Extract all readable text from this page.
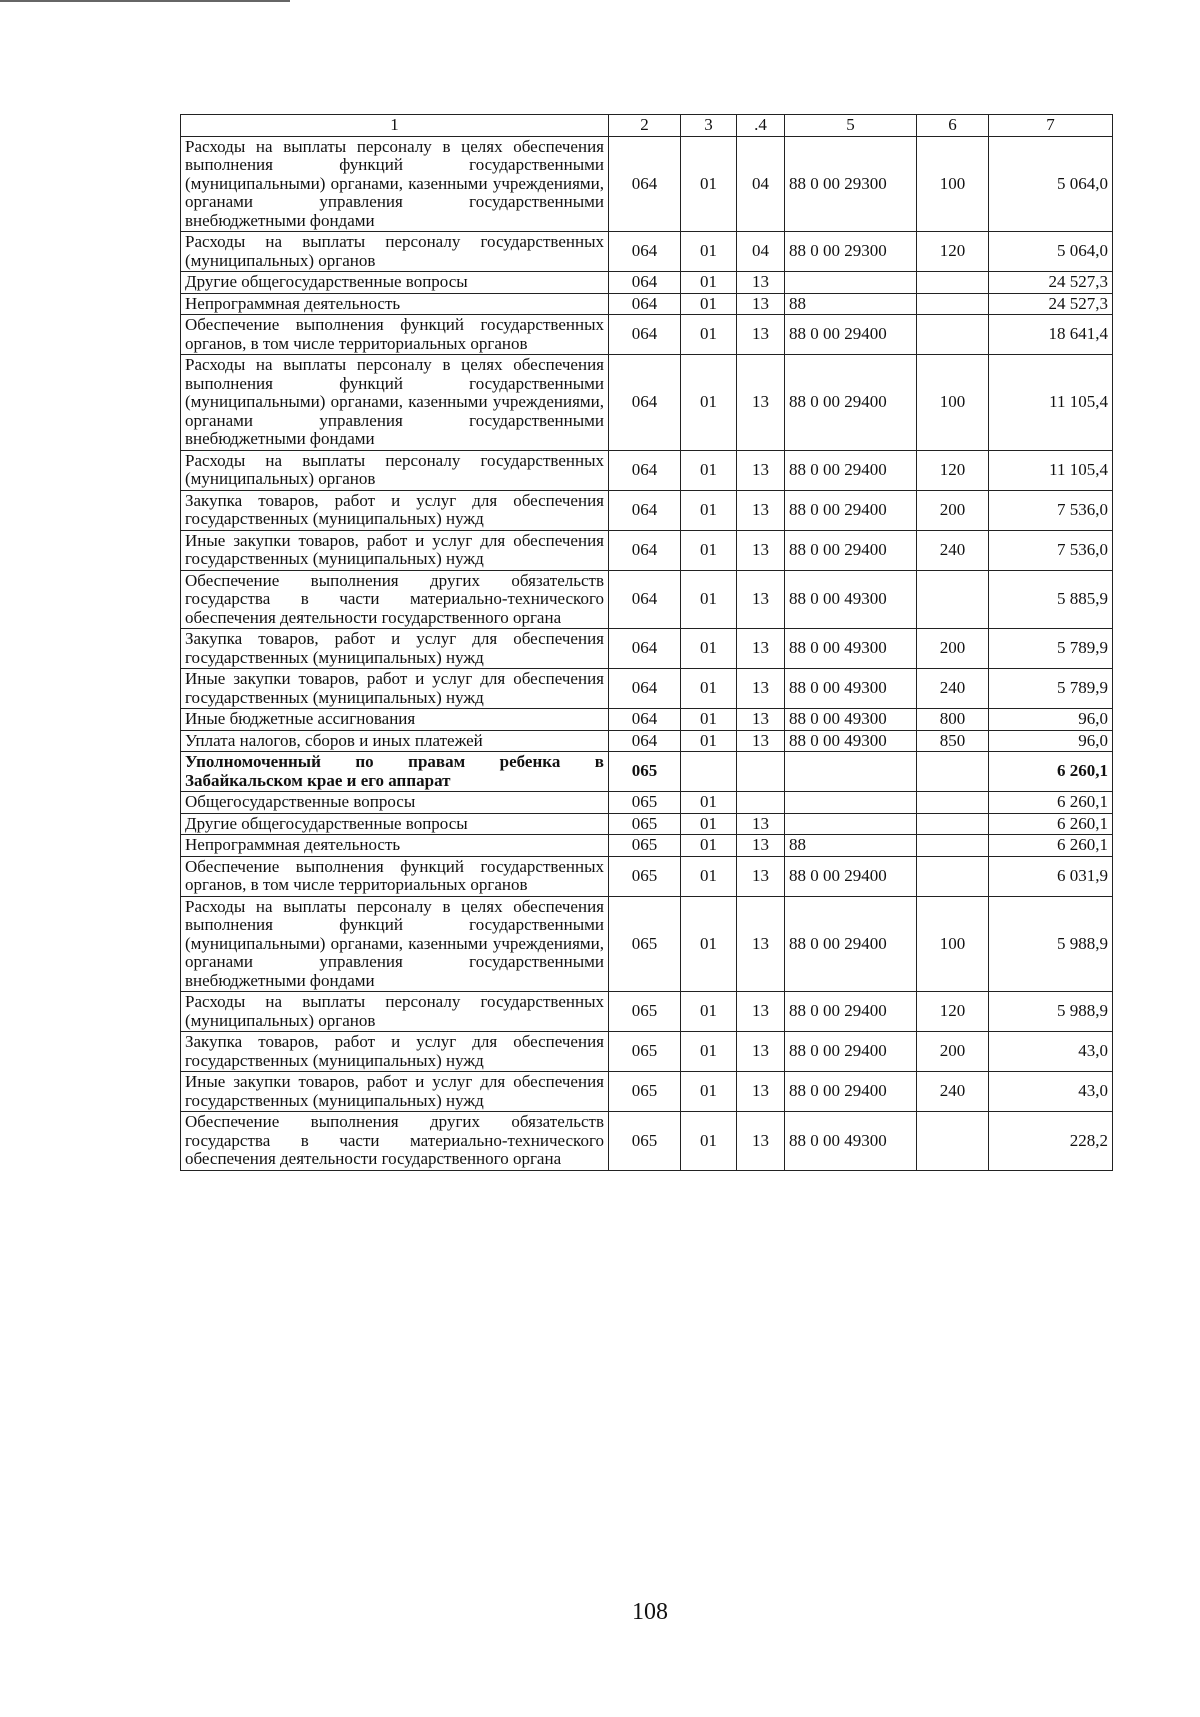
1	2	3	.4	5	6	7
Расходы на выплаты персоналу в целях обеспечения выполнения функций государственными (муниципальными) органами, казенными учреждениями, органами управления государственными внебюджетными фондами	064	01	04	88 0 00 29300	100	5 064,0
Расходы на выплаты персоналу государственных (муниципальных) органов	064	01	04	88 0 00 29300	120	5 064,0
Другие общегосударственные вопросы	064	01	13			24 527,3
Непрограммная деятельность	064	01	13	88		24 527,3
Обеспечение выполнения функций государственных органов, в том числе территориальных органов	064	01	13	88 0 00 29400		18 641,4
Расходы на выплаты персоналу в целях обеспечения выполнения функций государственными (муниципальными) органами, казенными учреждениями, органами управления государственными внебюджетными фондами	064	01	13	88 0 00 29400	100	11 105,4
Расходы на выплаты персоналу государственных (муниципальных) органов	064	01	13	88 0 00 29400	120	11 105,4
Закупка товаров, работ и услуг для обеспечения государственных (муниципальных) нужд	064	01	13	88 0 00 29400	200	7 536,0
Иные закупки товаров, работ и услуг для обеспечения государственных (муниципальных) нужд	064	01	13	88 0 00 29400	240	7 536,0
Обеспечение выполнения других обязательств государства в части материально-технического обеспечения деятельности государственного органа	064	01	13	88 0 00 49300		5 885,9
Закупка товаров, работ и услуг для обеспечения государственных (муниципальных) нужд	064	01	13	88 0 00 49300	200	5 789,9
Иные закупки товаров, работ и услуг для обеспечения государственных (муниципальных) нужд	064	01	13	88 0 00 49300	240	5 789,9
Иные бюджетные ассигнования	064	01	13	88 0 00 49300	800	96,0
Уплата налогов, сборов и иных платежей	064	01	13	88 0 00 49300	850	96,0
Уполномоченный по правам ребенка в Забайкальском крае и его аппарат	065					6 260,1
Общегосударственные вопросы	065	01				6 260,1
Другие общегосударственные вопросы	065	01	13			6 260,1
Непрограммная деятельность	065	01	13	88		6 260,1
Обеспечение выполнения функций государственных органов, в том числе территориальных органов	065	01	13	88 0 00 29400		6 031,9
Расходы на выплаты персоналу в целях обеспечения выполнения функций государственными (муниципальными) органами, казенными учреждениями, органами управления государственными внебюджетными фондами	065	01	13	88 0 00 29400	100	5 988,9
Расходы на выплаты персоналу государственных (муниципальных) органов	065	01	13	88 0 00 29400	120	5 988,9
Закупка товаров, работ и услуг для обеспечения государственных (муниципальных) нужд	065	01	13	88 0 00 29400	200	43,0
Иные закупки товаров, работ и услуг для обеспечения государственных (муниципальных) нужд	065	01	13	88 0 00 29400	240	43,0
Обеспечение выполнения других обязательств государства в части материально-технического обеспечения деятельности государственного органа	065	01	13	88 0 00 49300		228,2
108
